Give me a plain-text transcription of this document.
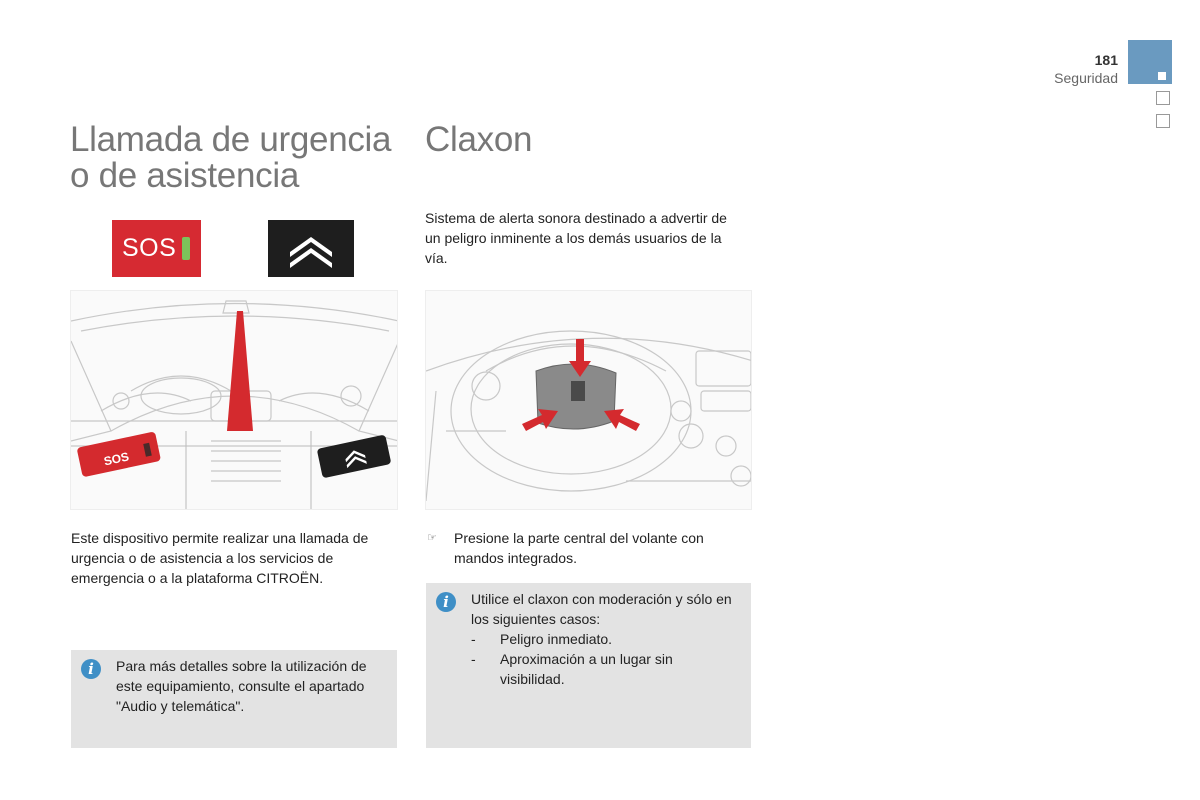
181
Seguridad
Llamada de urgencia
o de asistencia
SOS
SOS

Este dispositivo permite realizar una llamada de urgencia o de asistencia a los servicios de emergencia o a la plataforma CITROËN.

i	Para más detalles sobre la utilización de este equipamiento, consulte el apartado "Audio y telemática".
Claxon

Sistema de alerta sonora destinado a advertir de un peligro inminente a los demás usuarios de la vía.

☞ Presione la parte central del volante con mandos integrados.
i	Utilice el claxon con moderación y sólo en los siguientes casos:
- Peligro inmediato.
- Aproximación a un lugar sin visibilidad.
